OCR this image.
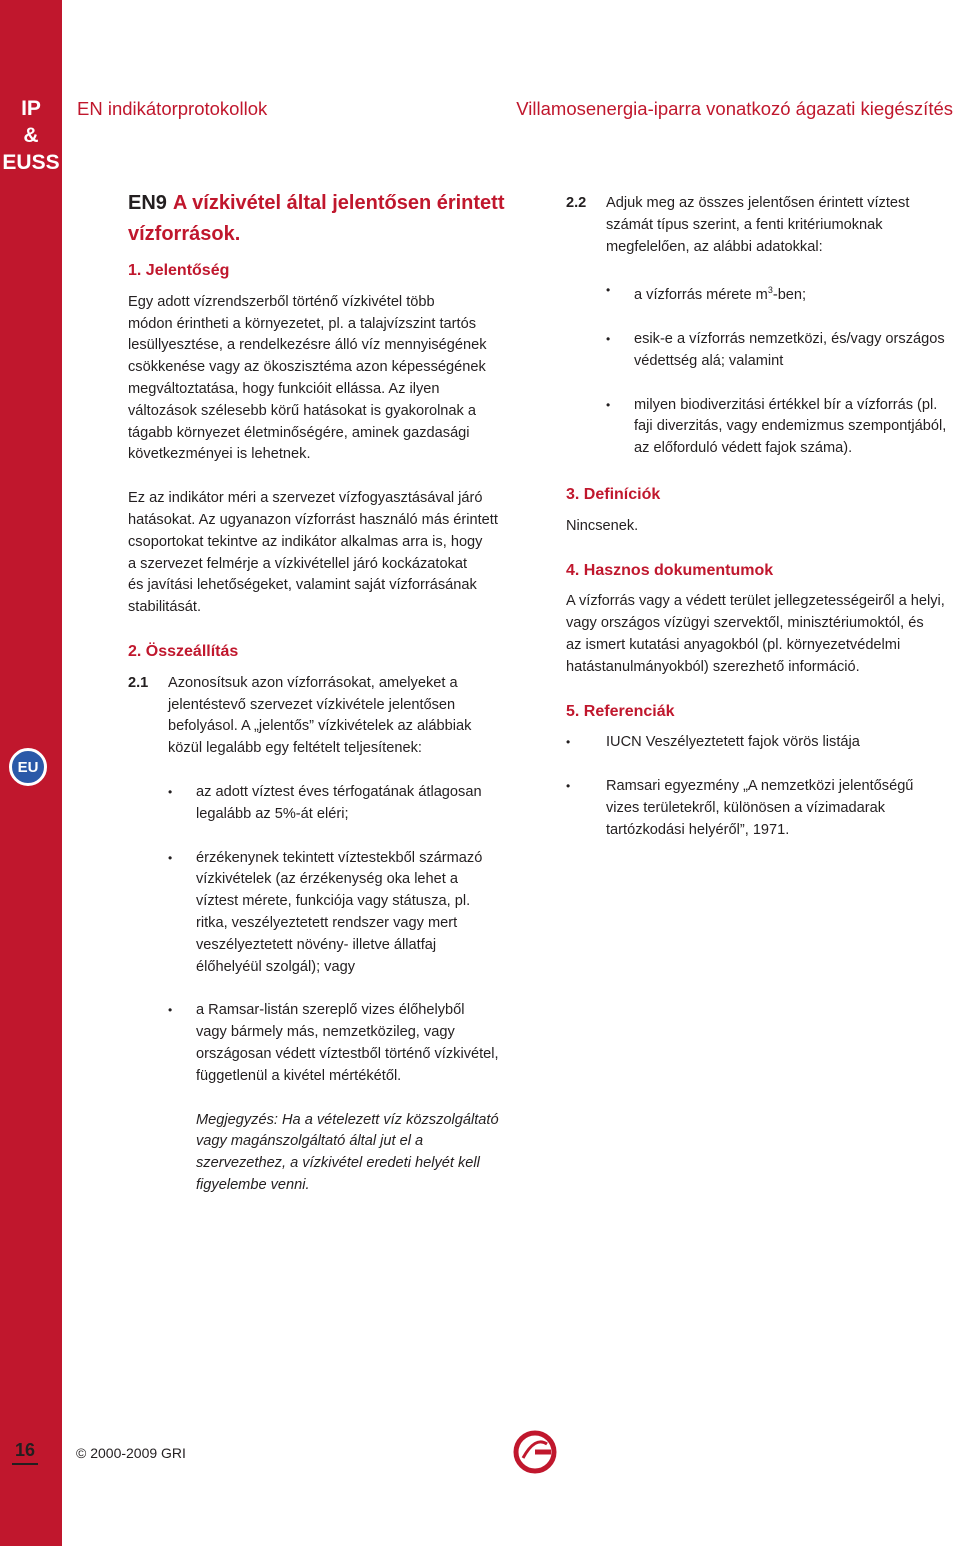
IP
&
EUSS
EU
EN indikátorprotokollok	Villamosenergia-iparra vonatkozó ágazati kiegészítés
EN9 A vízkivétel által jelentősen érintett
vízforrások.
1. Jelentőség

Egy adott vízrendszerből történő vízkivétel több
módon érintheti a környezetet, pl. a talajvízszint tartós
lesüllyesztése, a rendelkezésre álló víz mennyiségének
csökkenése vagy az ökoszisztéma azon képességének
megváltoztatása, hogy funkcióit ellássa. Az ilyen
változások szélesebb körű hatásokat is gyakorolnak a
tágabb környezet életminőségére, aminek gazdasági
következményei is lehetnek.

Ez az indikátor méri a szervezet vízfogyasztásával járó
hatásokat. Az ugyanazon vízforrást használó más érintett
csoportokat tekintve az indikátor alkalmas arra is, hogy
a szervezet felmérje a vízkivétellel járó kockázatokat
és javítási lehetőségeket, valamint saját vízforrásának
stabilitását.

2. Összeállítás
2.1 Azonosítsuk azon vízforrásokat, amelyeket a
jelentéstevő szervezet vízkivétele jelentősen
befolyásol. A „jelentős” vízkivételek az alábbiak
közül legalább egy feltételt teljesítenek:
• az adott víztest éves térfogatának átlagosan
legalább az 5%-át eléri;
• érzékenynek tekintett víztestekből származó
vízkivételek (az érzékenység oka lehet a
víztest mérete, funkciója vagy státusza, pl.
ritka, veszélyeztetett rendszer vagy mert
veszélyeztetett növény- illetve állatfaj
élőhelyéül szolgál); vagy
• a Ramsar-listán szereplő vizes élőhelyből
vagy bármely más, nemzetközileg, vagy
országosan védett víztestből történő vízkivétel,
függetlenül a kivétel mértékétől.

Megjegyzés: Ha a vételezett víz közszolgáltató
vagy magánszolgáltató által jut el a
szervezethez, a vízkivétel eredeti helyét kell
figyelembe venni.

2.2 Adjuk meg az összes jelentősen érintett víztest
számát típus szerint, a fenti kritériumoknak
megfelelően, az alábbi adatokkal:
• a vízforrás mérete $m^3$-ben;
• esik-e a vízforrás nemzetközi, és/vagy országos
védettség alá; valamint
• milyen biodiverzitási értékkel bír a vízforrás (pl.
faji diverzitás, vagy endemizmus szempontjából,
az előforduló védett fajok száma).
3. Definíciók

Nincsenek.

4. Hasznos dokumentumok

A vízforrás vagy a védett terület jellegzetességeiről a helyi,
vagy országos vízügyi szervektől, minisztériumoktól, és
az ismert kutatási anyagokból (pl. környezetvédelmi
hatástanulmányokból) szerezhető információ.

5. Referenciák
• IUCN Veszélyeztetett fajok vörös listája
• Ramsari egyezmény „A nemzetközi jelentőségű
vizes területekről, különösen a vízimadarak
tartózkodási helyéről”, 1971.
16	© 2000-2009 GRI
